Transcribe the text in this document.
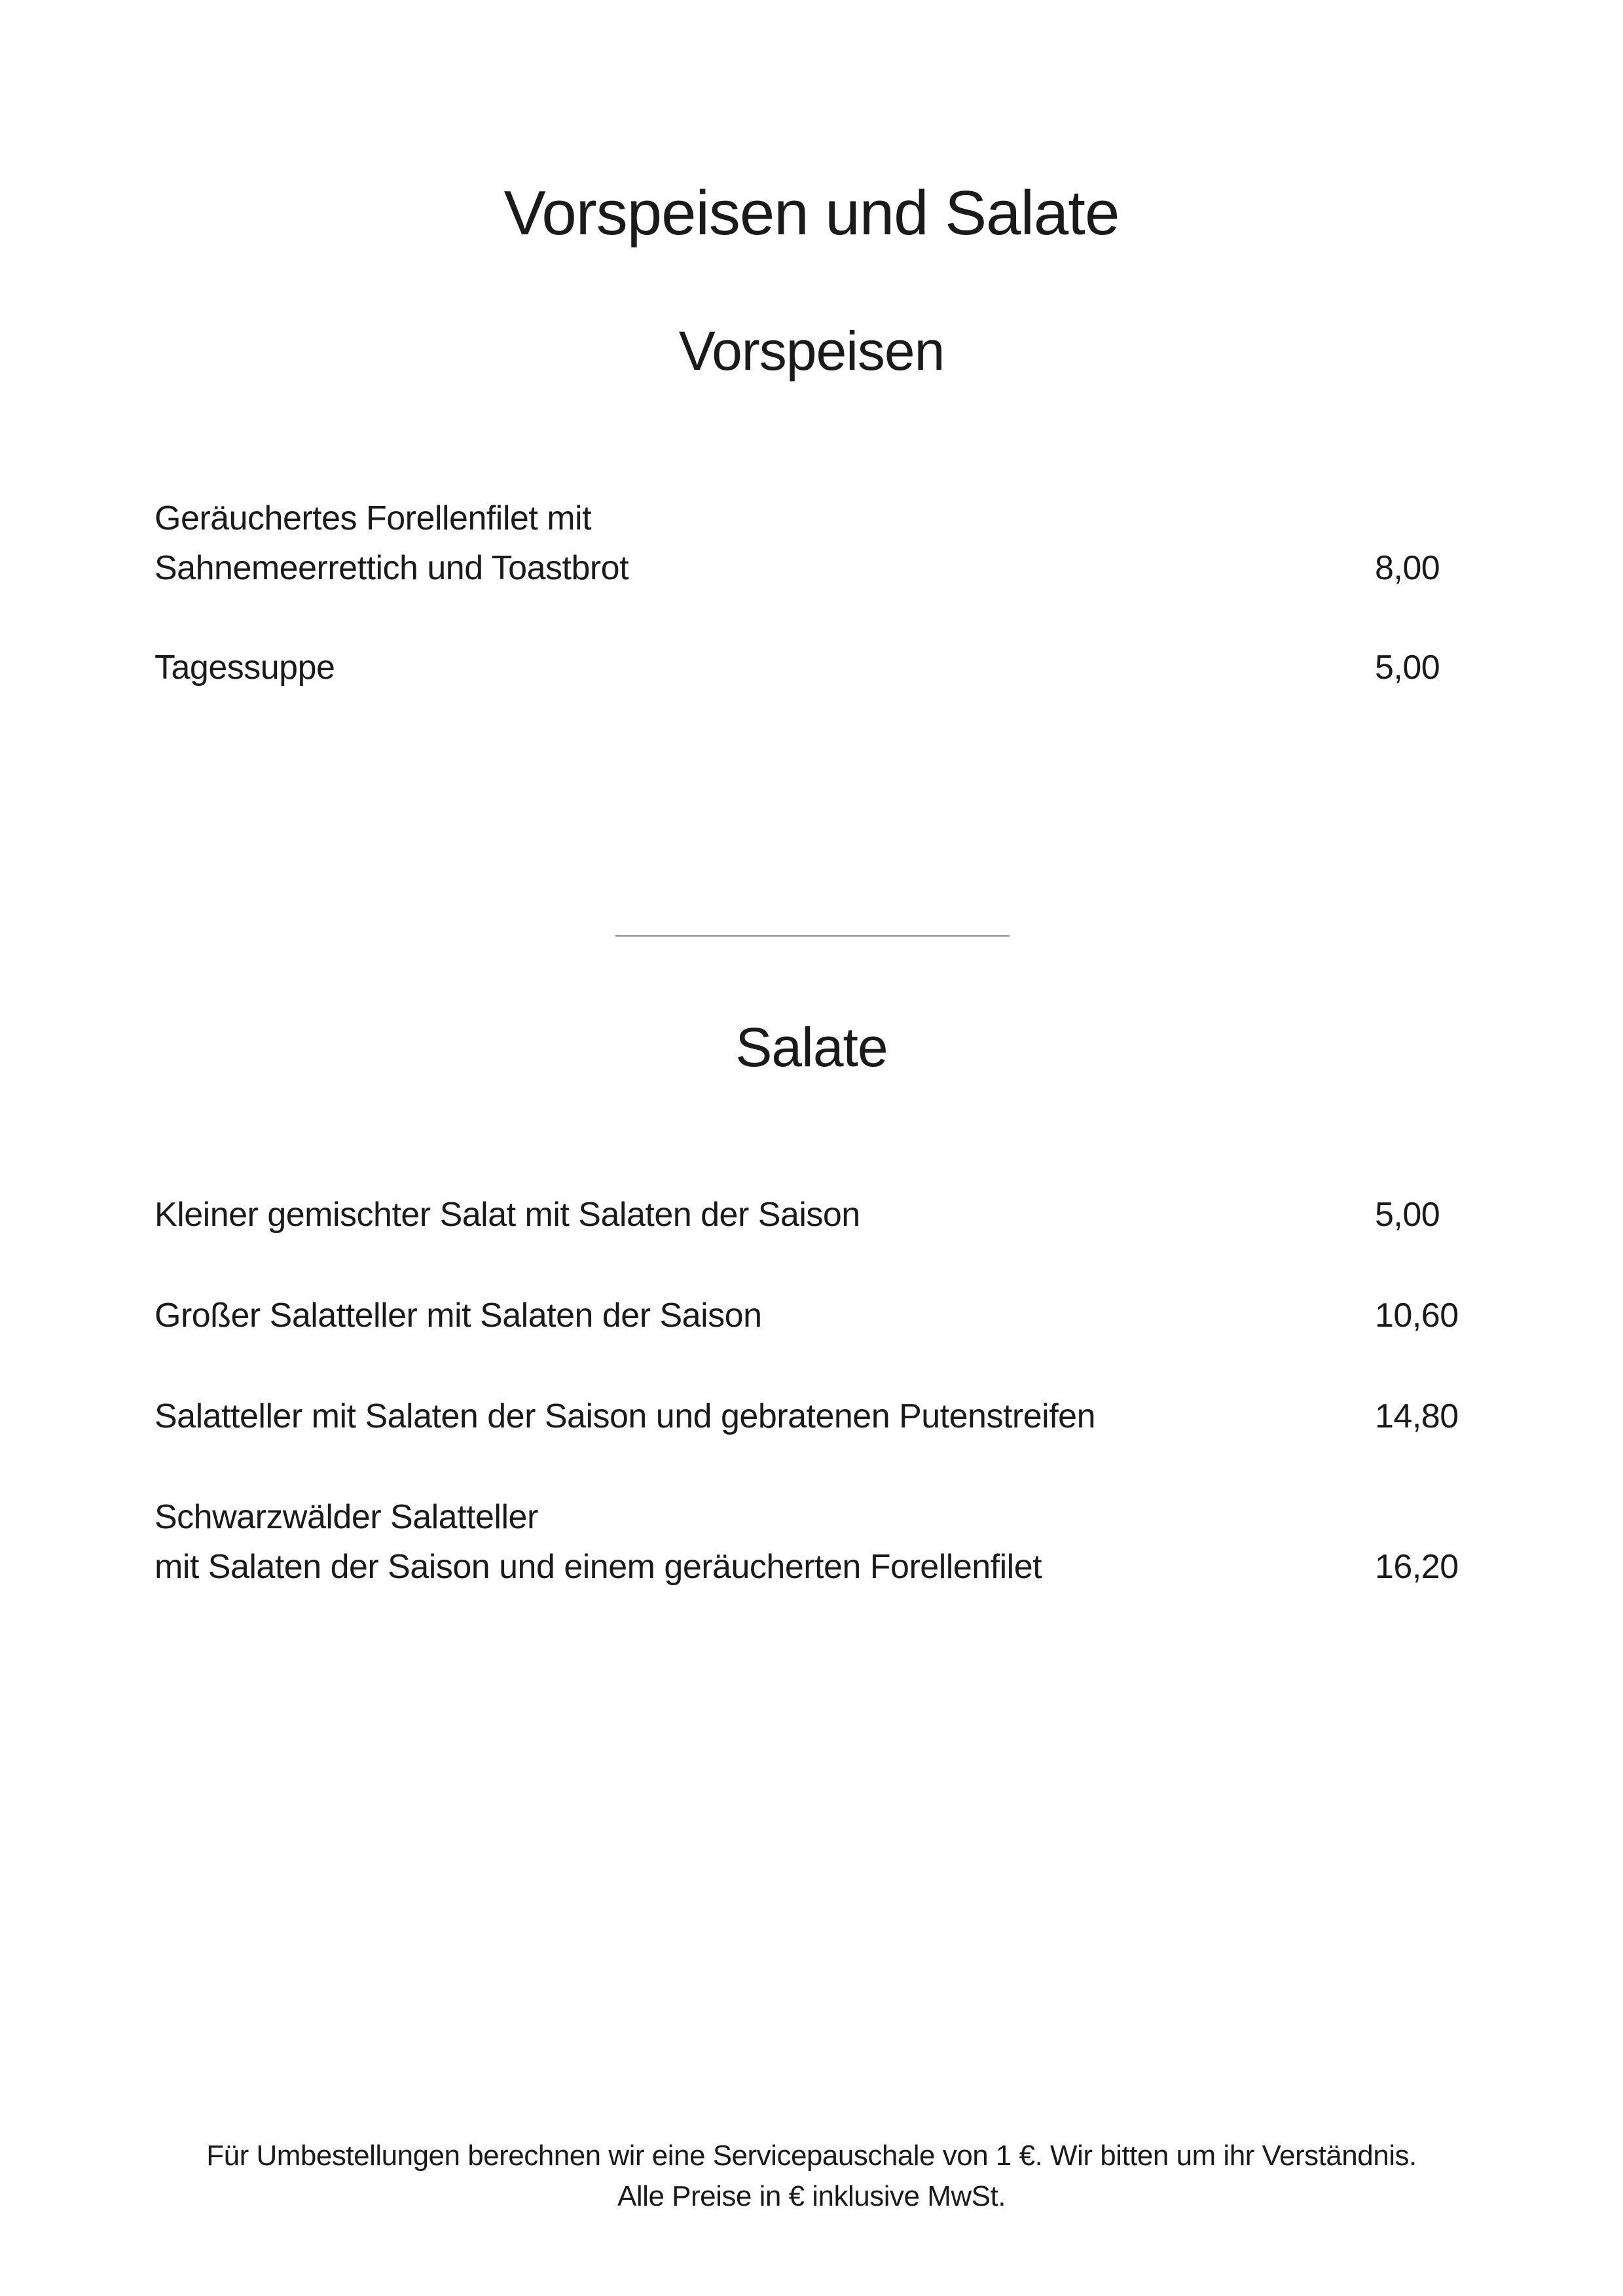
Vorspeisen und Salate
Vorspeisen
Geräuchertes Forellenfilet mit
Sahnemeerrettich und Toastbrot	8,00
Tagessuppe	5,00
Salate
Kleiner gemischter Salat mit Salaten der Saison	5,00
Großer Salatteller mit Salaten der Saison	10,60
Salatteller mit Salaten der Saison und gebratenen Putenstreifen	14,80
Schwarzwälder Salatteller
mit Salaten der Saison und einem geräucherten Forellenfilet	16,20
Für Umbestellungen berechnen wir eine Servicepauschale von 1 €. Wir bitten um ihr Verständnis.
Alle Preise in € inklusive MwSt.
